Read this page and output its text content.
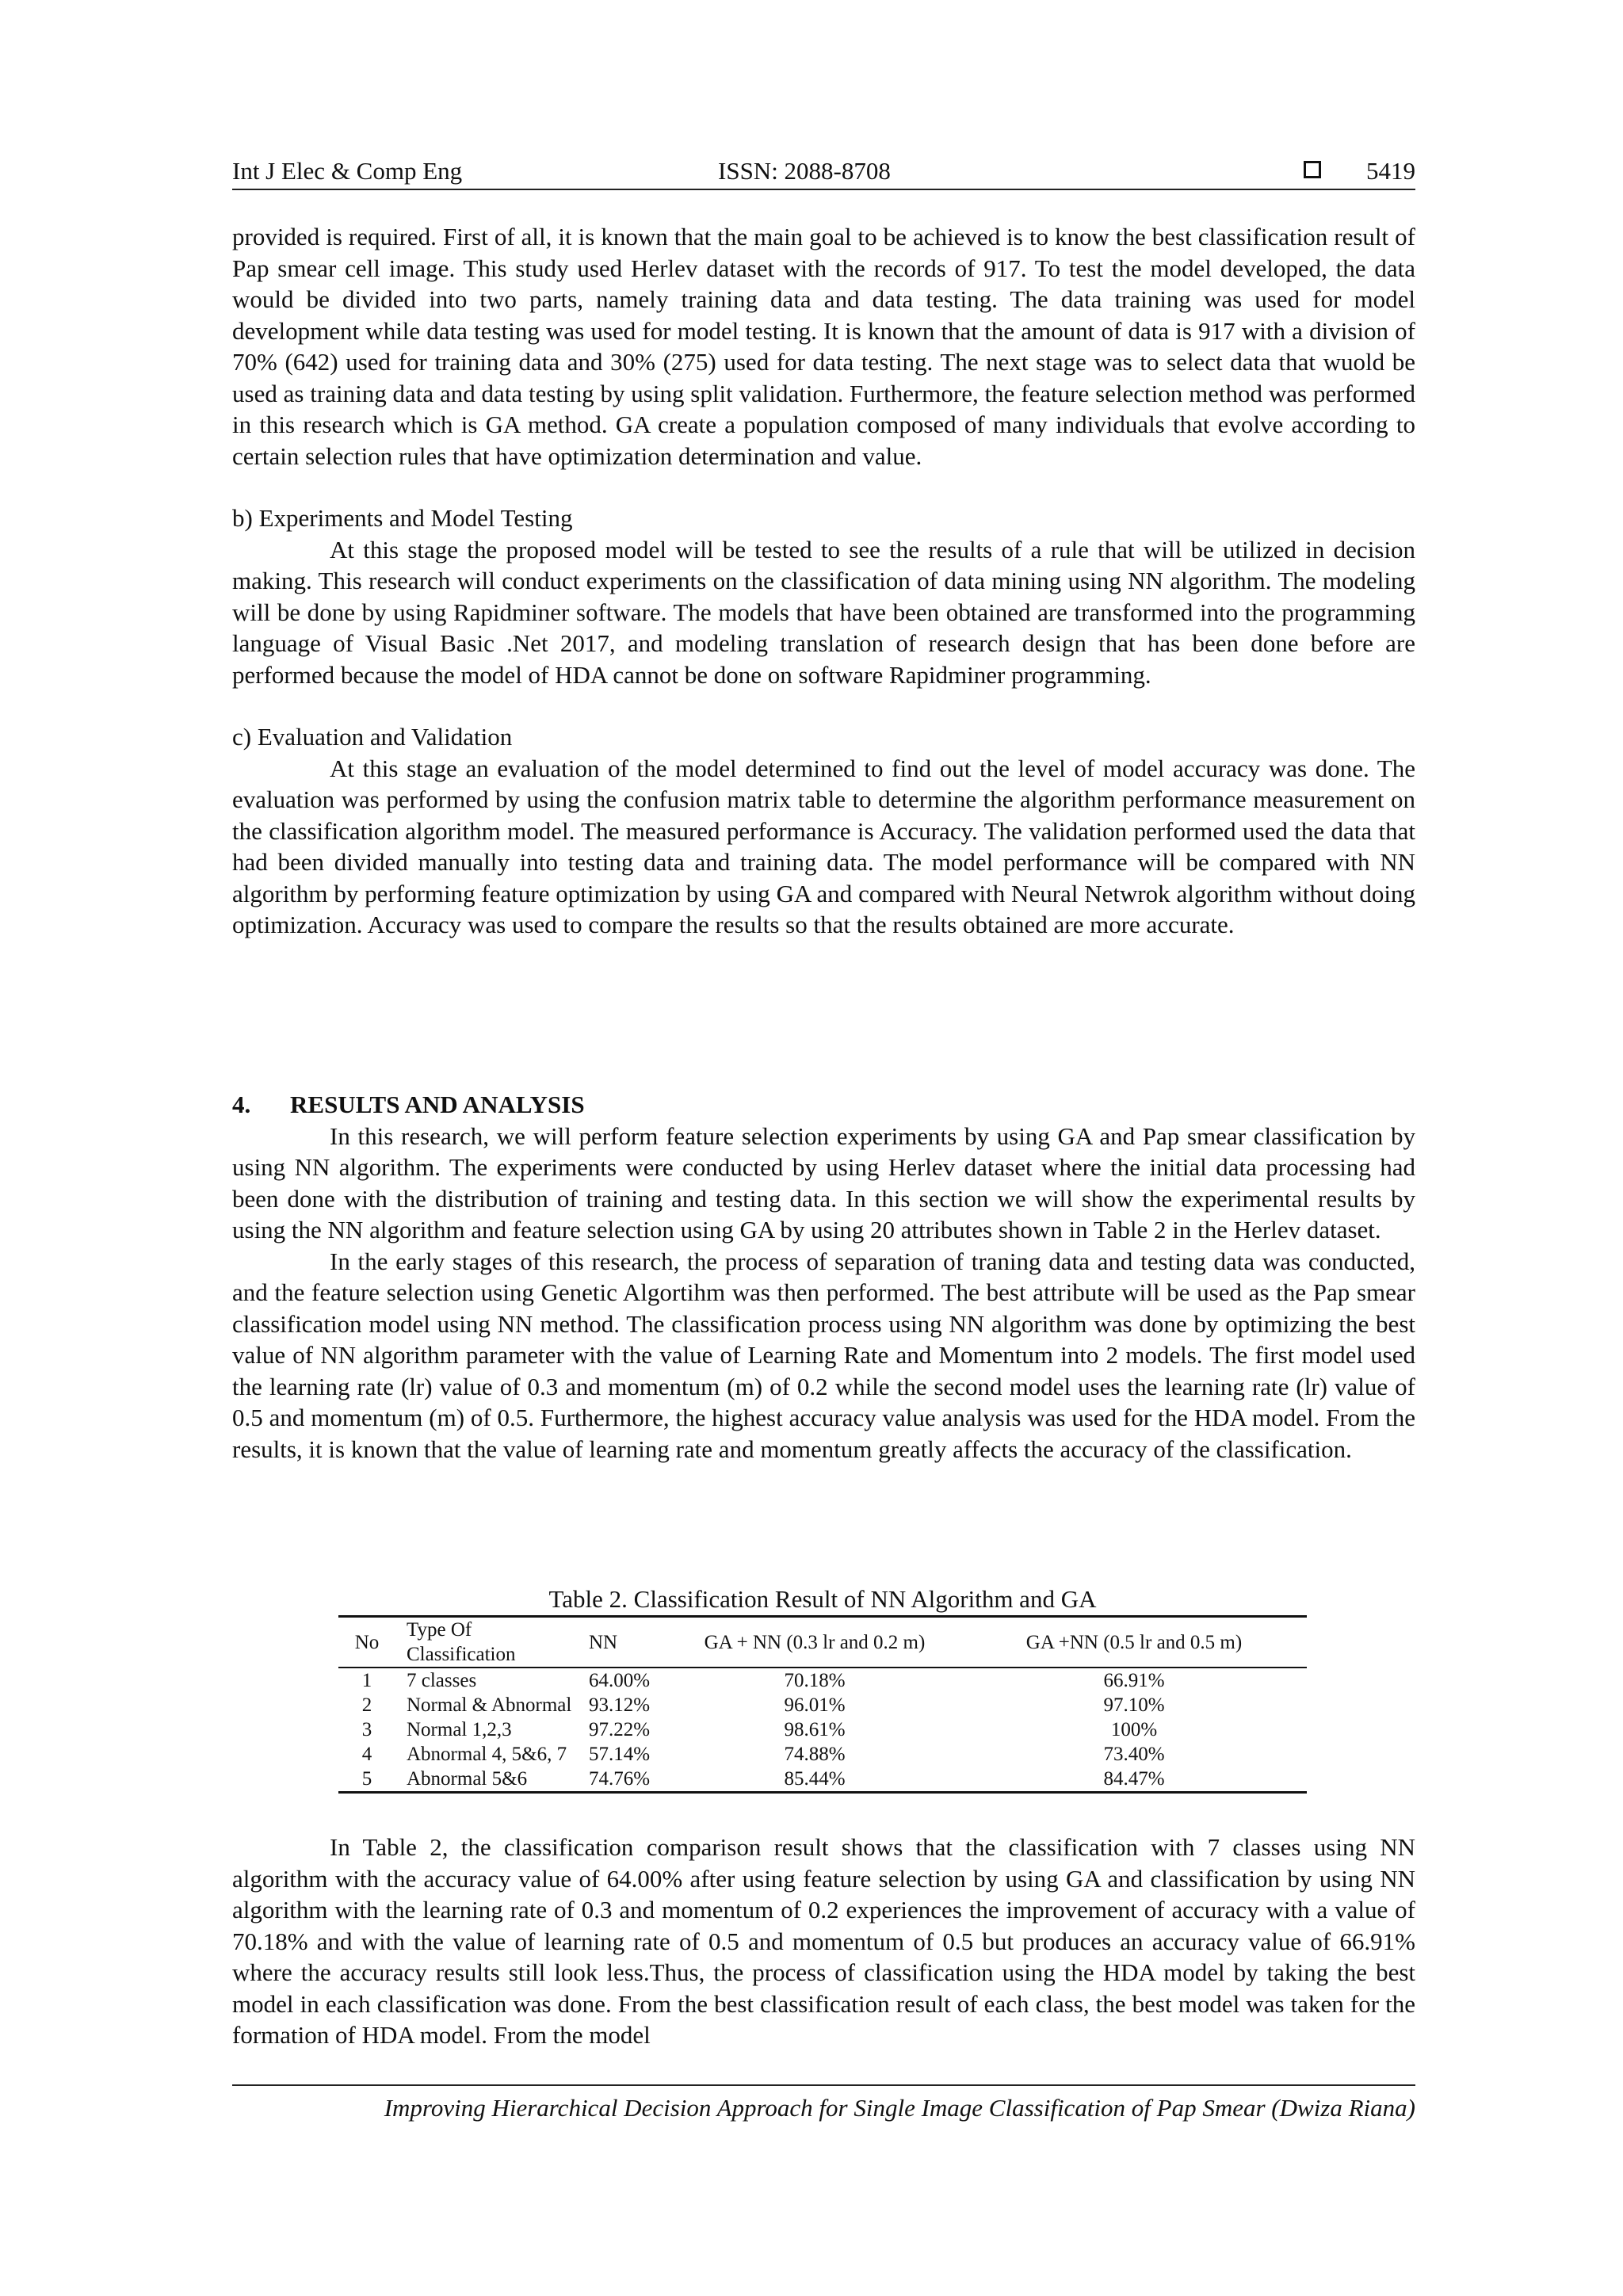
Int J Elec & Comp Eng	ISSN: 2088-8708	5419

provided is required. First of all, it is known that the main goal to be achieved is to know the best classification result of Pap smear cell image. This study used Herlev dataset with the records of 917. To test the model developed, the data would be divided into two parts, namely training data and data testing. The data training was used for model development while data testing was used for model testing. It is known that the amount of data is 917 with a division of 70% (642) used for training data and 30% (275) used for data testing. The next stage was to select data that wuold be used as training data and data testing by using split validation. Furthermore, the feature selection method was performed in this research which is GA method. GA create a population composed of many individuals that evolve according to certain selection rules that have optimization determination and value.

b) Experiments and Model Testing

At this stage the proposed model will be tested to see the results of a rule that will be utilized in decision making. This research will conduct experiments on the classification of data mining using NN algorithm. The modeling will be done by using Rapidminer software. The models that have been obtained are transformed into the programming language of Visual Basic .Net 2017, and modeling translation of research design that has been done before are performed because the model of HDA cannot be done on software Rapidminer programming.

c) Evaluation and Validation

At this stage an evaluation of the model determined to find out the level of model accuracy was done. The evaluation was performed by using the confusion matrix table to determine the algorithm performance measurement on the classification algorithm model. The measured performance is Accuracy. The validation performed used the data that had been divided manually into testing data and training data. The model performance will be compared with NN algorithm by performing feature optimization by using GA and compared with Neural Netwrok algorithm without doing optimization. Accuracy was used to compare the results so that the results obtained are more accurate.

4. RESULTS AND ANALYSIS

In this research, we will perform feature selection experiments by using GA and Pap smear classification by using NN algorithm. The experiments were conducted by using Herlev dataset where the initial data processing had been done with the distribution of training and testing data. In this section we will show the experimental results by using the NN algorithm and feature selection using GA by using 20 attributes shown in Table 2 in the Herlev dataset.

In the early stages of this research, the process of separation of traning data and testing data was conducted, and the feature selection using Genetic Algortihm was then performed. The best attribute will be used as the Pap smear classification model using NN method. The classification process using NN algorithm was done by optimizing the best value of NN algorithm parameter with the value of Learning Rate and Momentum into 2 models. The first model used the learning rate (lr) value of 0.3 and momentum (m) of 0.2 while the second model uses the learning rate (lr) value of 0.5 and momentum (m) of 0.5. Furthermore, the highest accuracy value analysis was used for the HDA model. From the results, it is known that the value of learning rate and momentum greatly affects the accuracy of the classification.

Table 2. Classification Result of NN Algorithm and GA
No	Type Of Classification	NN	GA + NN (0.3 lr and 0.2 m)	GA +NN (0.5 lr and 0.5 m)
1	7 classes	64.00%	70.18%	66.91%
2	Normal & Abnormal	93.12%	96.01%	97.10%
3	Normal 1,2,3	97.22%	98.61%	100%
4	Abnormal 4, 5&6, 7	57.14%	74.88%	73.40%
5	Abnormal 5&6	74.76%	85.44%	84.47%

In Table 2, the classification comparison result shows that the classification with 7 classes using NN algorithm with the accuracy value of 64.00% after using feature selection by using GA and classification by using NN algorithm with the learning rate of 0.3 and momentum of 0.2 experiences the improvement of accuracy with a value of 70.18% and with the value of learning rate of 0.5 and momentum of 0.5 but produces an accuracy value of 66.91% where the accuracy results still look less.Thus, the process of classification using the HDA model by taking the best model in each classification was done. From the best classification result of each class, the best model was taken for the formation of HDA model. From the model

Improving Hierarchical Decision Approach for Single Image Classification of Pap Smear (Dwiza Riana)
